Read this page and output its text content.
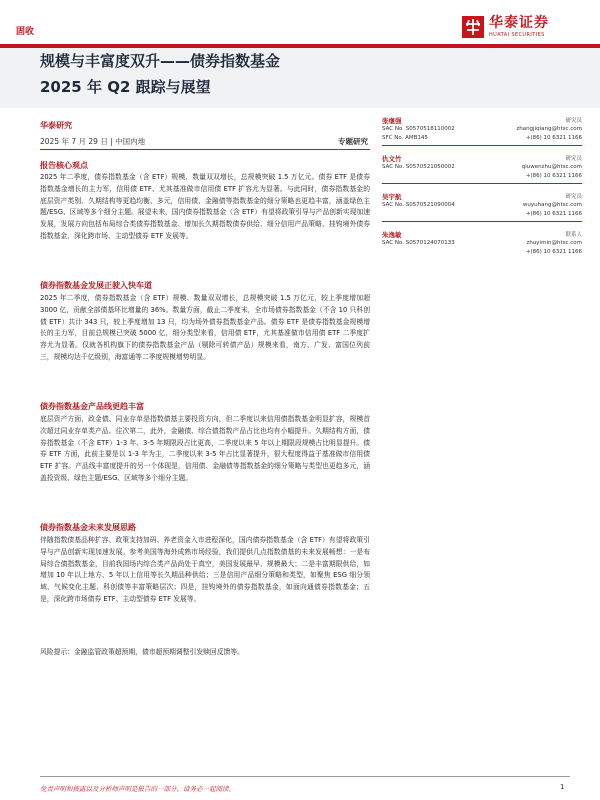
固收
华泰证券
HUATAI SECURITIES
规模与丰富度双升——债券指数基金
2025 年 Q2 跟踪与展望
华泰研究
2025 年 7 月 29 日 | 中国内地	专题研究
报告核心观点
2025 年二季度，债券指数基金（含 ETF）规模、数量双双增长，总规模突破 1.5 万亿元。债券 ETF 是债券指数基金增长的主力军，信用债 ETF、尤其基准做市信用债 ETF 扩容尤为显著。与此同时，债券指数基金的底层资产类别、久期结构等更趋均衡、多元，信用债、金融债等指数基金的细分策略也更趋丰富，涵盖绿色主题/ESG、区域等多个细分主题。展望未来，国内债券指数基金（含 ETF）有望将政策引导与产品创新实现加速发展，发展方向包括布局综合类债券指数基金、增加长久期指数债券供给、细分信用产品策略、挂钩境外债券指数基金、深化跨市场、主动型债券 ETF 发展等。
债券指数基金发展正驶入快车道
2025 年二季度，债券指数基金（含 ETF）规模、数量双双增长，总规模突破 1.5 万亿元，较上季度增加超 3000 亿，贡献全部债基环比增量的 36%。数量方面，截止二季度末，全市场债券指数基金（不含 10 只科创债 ETF）共计 343 只，较上季度增加 13 只，均为场外债券指数基金产品。债券 ETF 是债券指数基金规模增长的主力军，目前总规模已突破 5000 亿，细分类型来看，信用债 ETF，尤其基准做市信用债 ETF 二季度扩容尤为显著。仅就各机构旗下的债券指数基金产品（剔除可转债产品）规模来看，南方、广发、富国位列前三，规模均达千亿级别，海富通等二季度规模增势明显。
债券指数基金产品线更趋丰富
底层资产方面，政金债、同业存单是指数债基主要投资方向，但二季度以来信用债指数基金明显扩容，规模首次超过同业存单类产品。往次第二，此外，金融债、综合债指数产品占比也均有小幅提升。久期结构方面，债券指数基金（不含 ETF）1-3 年、3-5 年期限段占比更高，二季度以来 5 年以上期限段规模占比明显提升。债券 ETF 方面，此前主要是以 1-3 年为主，二季度以来 3-5 年占比显著提升，很大程度得益于基准做市信用债 ETF 扩容。产品线丰富度提升的另一个体现是，信用债、金融债等指数基金的细分策略与类型也更趋多元，涵盖投资级、绿色主题/ESG、区域等多个细分主题。
债券指数基金未来发展思路
伴随指数债基品种扩容、政策支持加码、养老资金入市进程深化，国内债券指数基金（含 ETF）有望将政策引导与产品创新实现加速发展。参考美国等海外成熟市场经验，我们提供几点指数债基的未来发展畅想：一是布局综合债指数基金，目前我国场内综合类产品尚处于真空，美国发展最早、规模最大；二是丰富期限供给，如增加 10 年以上地方、5 年以上信用等长久期品种供给；三是信用产品细分策略和类型，如聚焦 ESG 细分领域、气候变化主题、科创债等丰富策略层次；四是，挂钩境外的债券指数基金，如面向通债券指数基金；五是，深化跨市场债券 ETF、主动型债券 ETF 发展等。
风险提示：金融监管政策超预期，债市超预期调整引发赎回反馈等。
张继强	研究员
SAC No. S0570518110002	zhangjiqiang@htsc.com
SFC No. AMB145	+(86) 10 6321 1166
仇文竹	研究员
SAC No. S0570521050002	qiuwenzhu@htsc.com
+(86) 10 6321 1166
吴宇航	研究员
SAC No. S0570521090004	wuyuhang@htsc.com
+(86) 10 6321 1166
朱逸敏	联系人
SAC No. S0570124070133	zhuyimin@htsc.com
+(86) 10 6321 1166
免责声明和披露以及分析师声明是报告的一部分，请务必一起阅读。	1
